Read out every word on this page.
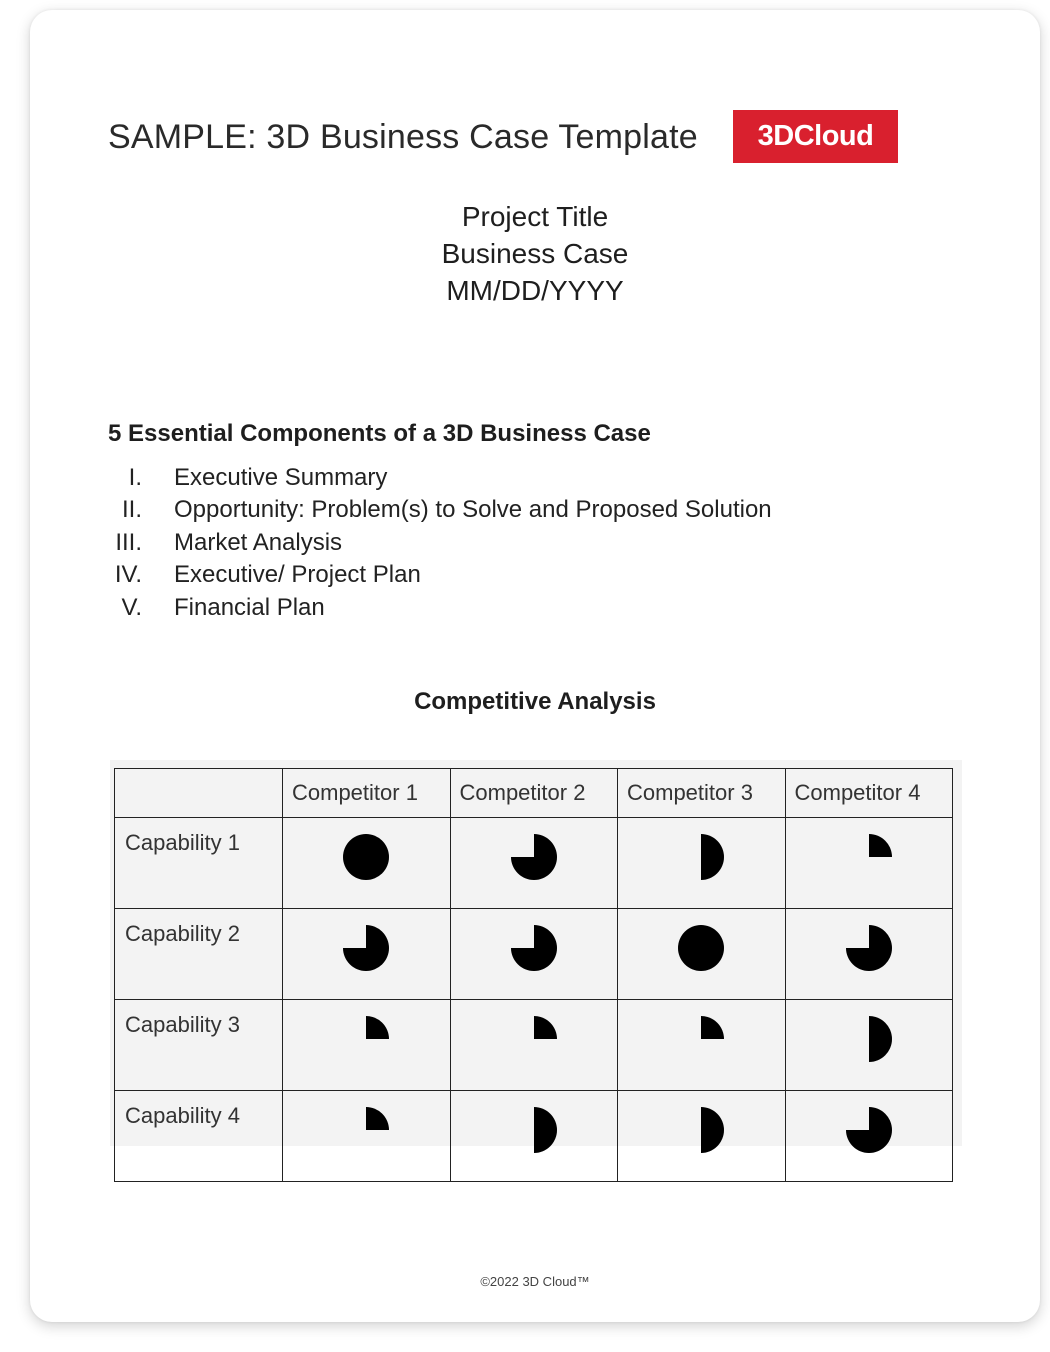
SAMPLE: 3D Business Case Template 3DCloud
Project Title
Business Case
MM/DD/YYYY
5 Essential Components of a 3D Business Case
I. Executive Summary
II. Opportunity: Problem(s) to Solve and Proposed Solution
III. Market Analysis
IV. Executive/ Project Plan
V. Financial Plan
Competitive Analysis
	Competitor 1	Competitor 2	Competitor 3	Competitor 4
Capability 1	

Capability 2	

Capability 3	

Capability 4	

©2022 3D Cloud™
